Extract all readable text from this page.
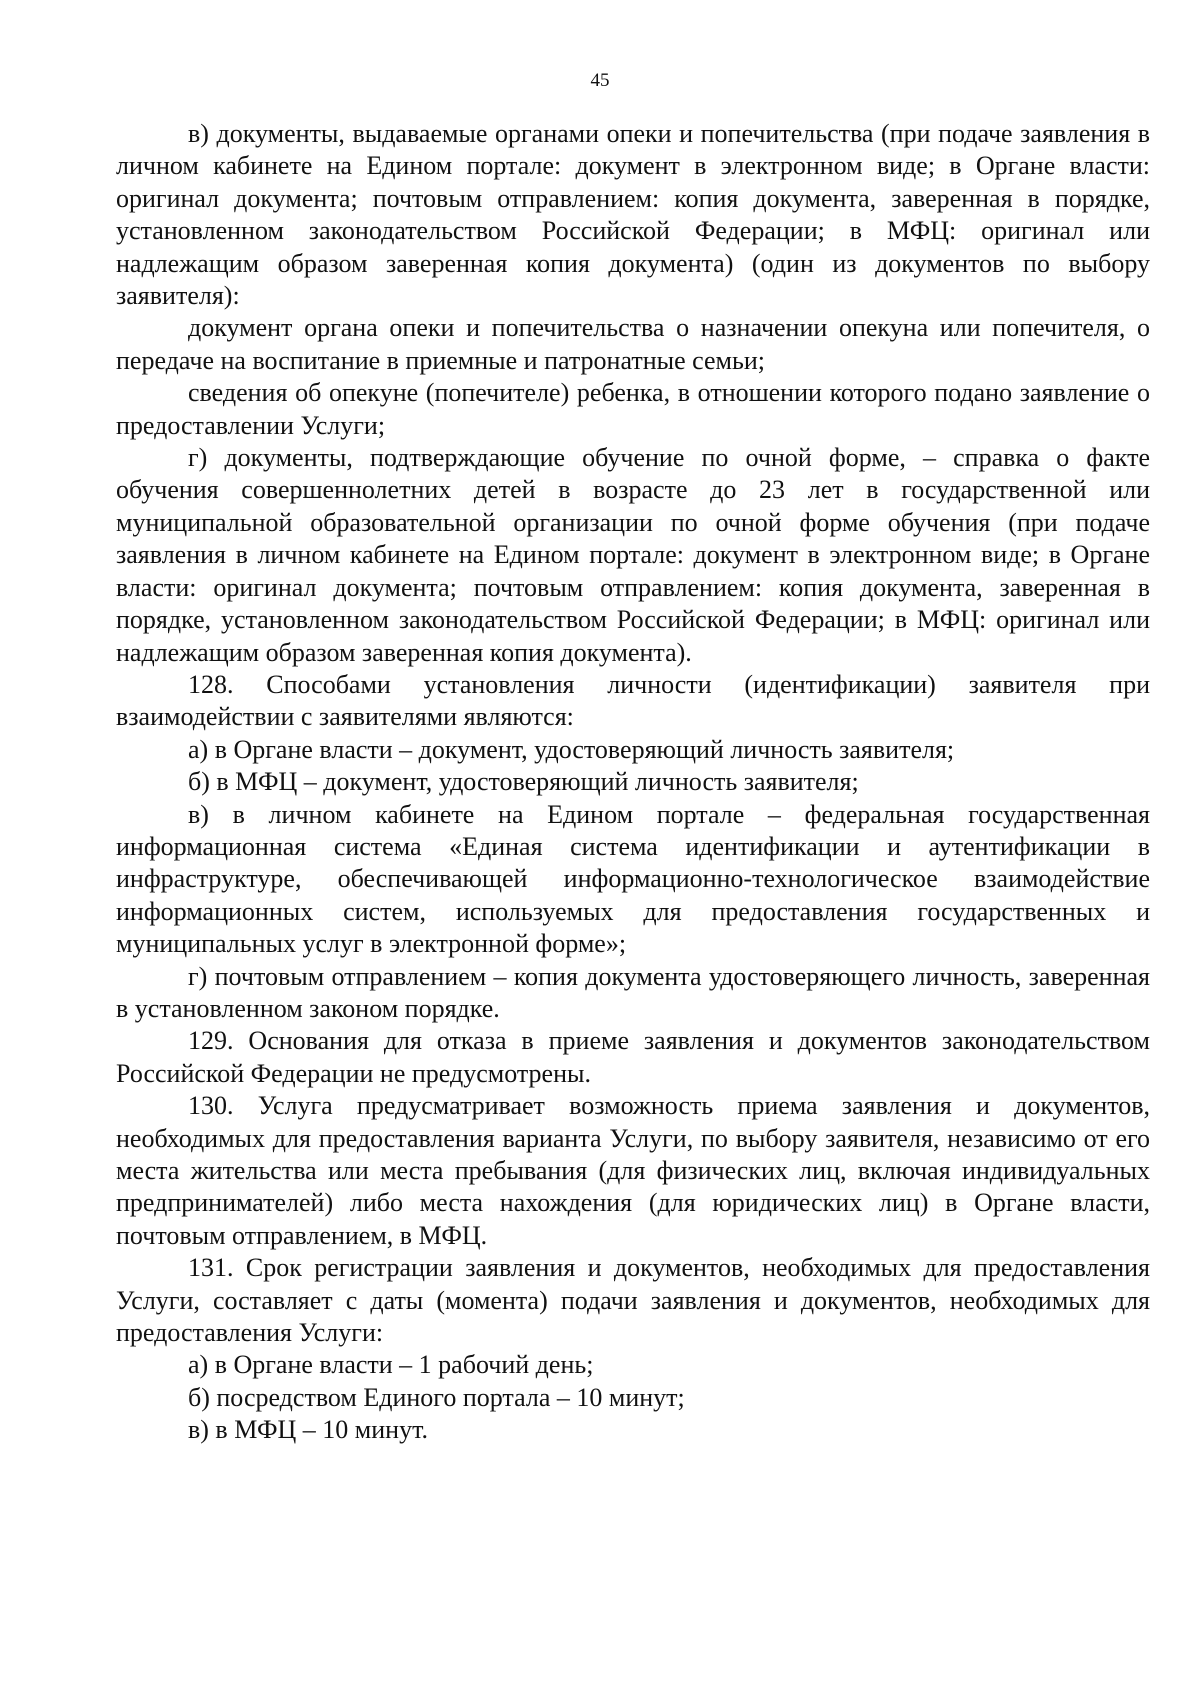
45

в) документы, выдаваемые органами опеки и попечительства (при подаче заявления в личном кабинете на Едином портале: документ в электронном виде; в Органе власти: оригинал документа; почтовым отправлением: копия документа, заверенная в порядке, установленном законодательством Российской Федерации; в МФЦ: оригинал или надлежащим образом заверенная копия документа) (один из документов по выбору заявителя):

документ органа опеки и попечительства о назначении опекуна или попечителя, о передаче на воспитание в приемные и патронатные семьи;

сведения об опекуне (попечителе) ребенка, в отношении которого подано заявление о предоставлении Услуги;

г) документы, подтверждающие обучение по очной форме, – справка о факте обучения совершеннолетних детей в возрасте до 23 лет в государственной или муниципальной образовательной организации по очной форме обучения (при подаче заявления в личном кабинете на Едином портале: документ в электронном виде; в Органе власти: оригинал документа; почтовым отправлением: копия документа, заверенная в порядке, установленном законодательством Российской Федерации; в МФЦ: оригинал или надлежащим образом заверенная копия документа).

128. Способами установления личности (идентификации) заявителя при взаимодействии с заявителями являются:

а) в Органе власти – документ, удостоверяющий личность заявителя;

б) в МФЦ – документ, удостоверяющий личность заявителя;

в) в личном кабинете на Едином портале – федеральная государственная информационная система «Единая система идентификации и аутентификации в инфраструктуре, обеспечивающей информационно-технологическое взаимодействие информационных систем, используемых для предоставления государственных и муниципальных услуг в электронной форме»;

г) почтовым отправлением – копия документа удостоверяющего личность, заверенная в установленном законом порядке.

129. Основания для отказа в приеме заявления и документов законодательством Российской Федерации не предусмотрены.

130. Услуга предусматривает возможность приема заявления и документов, необходимых для предоставления варианта Услуги, по выбору заявителя, независимо от его места жительства или места пребывания (для физических лиц, включая индивидуальных предпринимателей) либо места нахождения (для юридических лиц) в Органе власти, почтовым отправлением, в МФЦ.

131. Срок регистрации заявления и документов, необходимых для предоставления Услуги, составляет с даты (момента) подачи заявления и документов, необходимых для предоставления Услуги:

а) в Органе власти – 1 рабочий день;

б) посредством Единого портала – 10 минут;

в) в МФЦ – 10 минут.
